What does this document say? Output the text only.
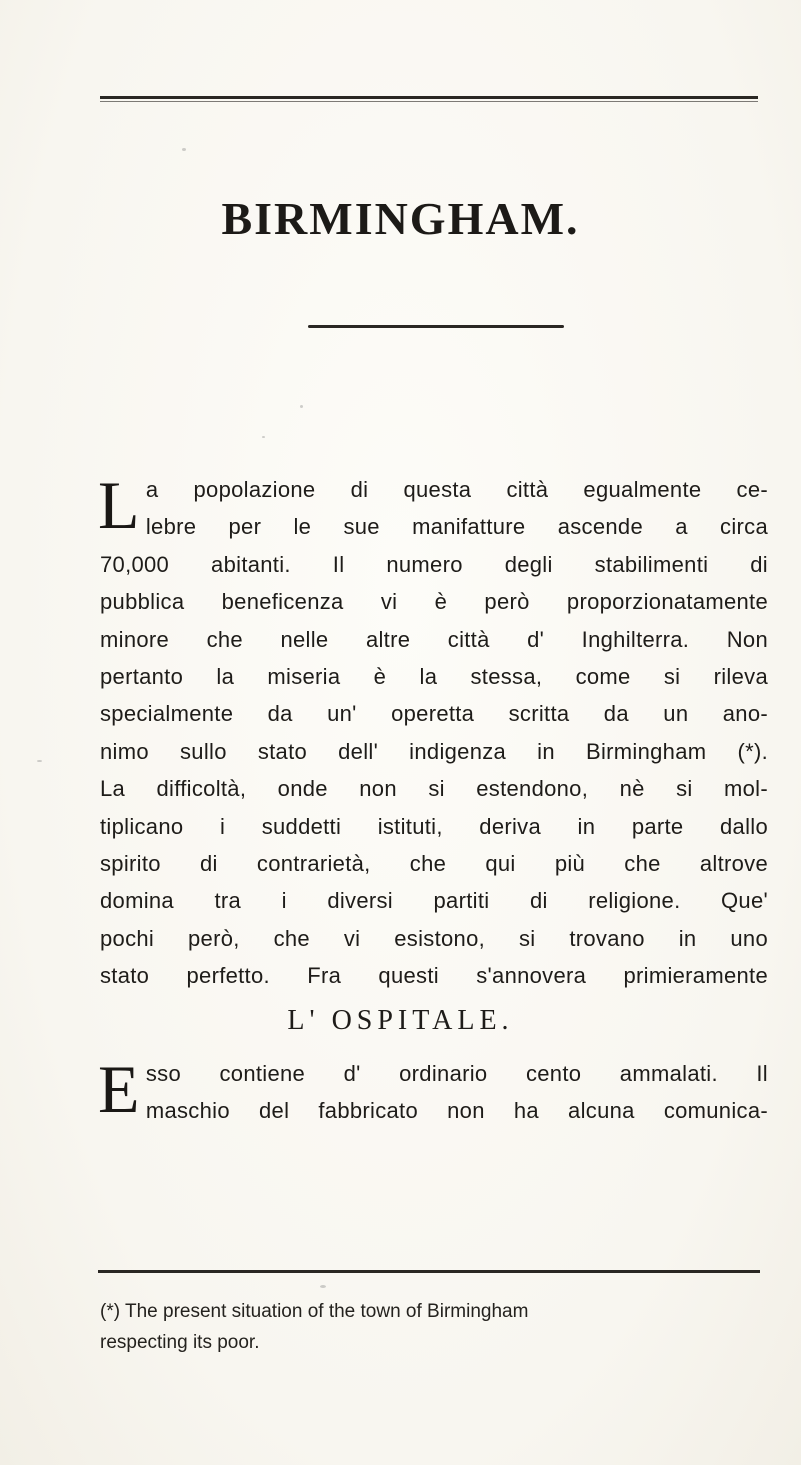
BIRMINGHAM.
La popolazione di questa città egualmente ce-
lebre per le sue manifatture ascende a circa
70,000 abitanti. Il numero degli stabilimenti di
pubblica beneficenza vi è però proporzionatamente
minore che nelle altre città d' Inghilterra. Non
pertanto la miseria è la stessa, come si rileva
specialmente da un' operetta scritta da un ano-
nimo sullo stato dell' indigenza in Birmingham (*).
La difficoltà, onde non si estendono, nè si mol-
tiplicano i suddetti istituti, deriva in parte dallo
spirito di contrarietà, che qui più che altrove
domina tra i diversi partiti di religione. Que'
pochi però, che vi esistono, si trovano in uno
stato perfetto. Fra questi s'annovera primieramente
L' OSPITALE.
Esso contiene d' ordinario cento ammalati. Il
maschio del fabbricato non ha alcuna comunica-
(*) The present situation of the town of Birmingham
respecting its poor.
